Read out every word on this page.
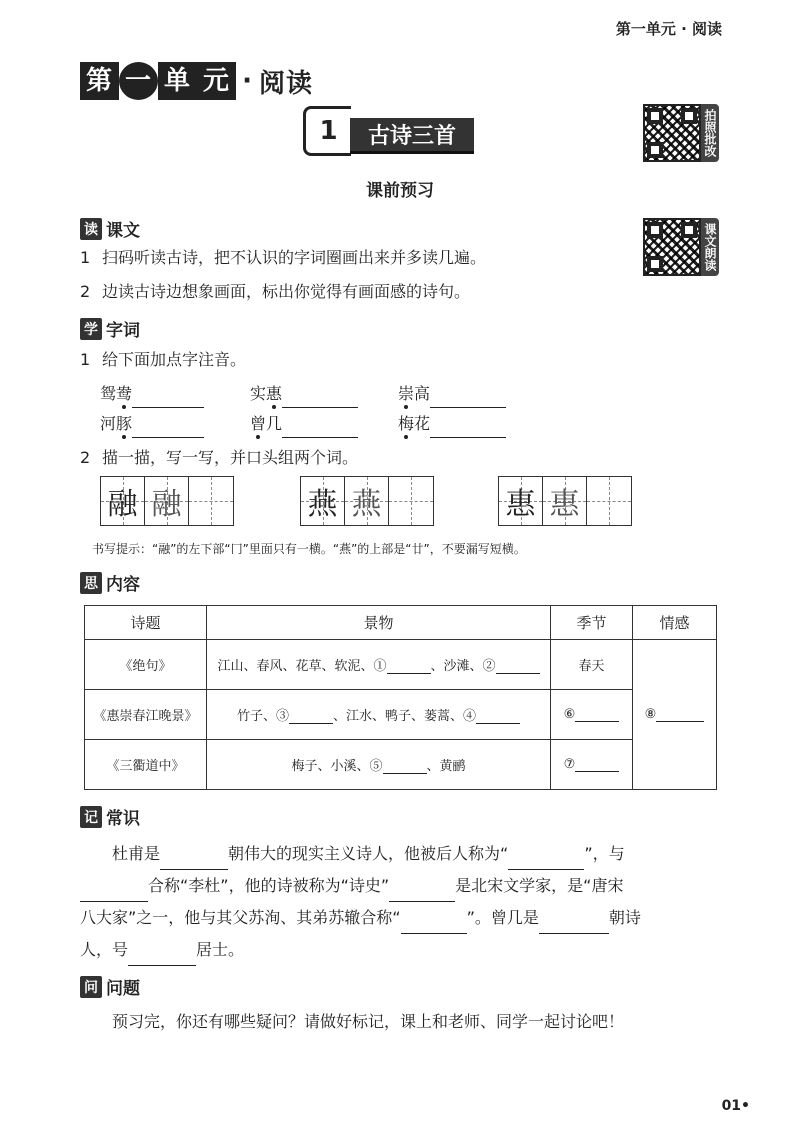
第一单元 · 阅读
第 一 单 元 · 阅读
1	古诗三首
课前预习
拍照批改
课文朗读
读 课文
1 扫码听读古诗，把不认识的字词圈画出来并多读几遍。
2 边读古诗边想象画面，标出你觉得有画面感的诗句。
学 字词
1 给下面加点字注音。
鸳鸯	实惠	崇高
河豚	曾几	梅花
2 描一描，写一写，并口头组两个词。
融 融	燕 燕	惠 惠
书写提示：“融”的左下部“冂”里面只有一横。“燕”的上部是“廿”，不要漏写短横。
思 内容
诗题	景物	季节	情感
《绝句》	江山、春风、花草、软泥、① 、沙滩、②	春天	⑧
《惠崇春江晚景》	竹子、③ 、江水、鸭子、蒌蒿、④	⑥	
《三衢道中》	梅子、小溪、⑤ 、黄鹂	⑦	
记 常识
杜甫是	朝伟大的现实主义诗人，他被后人称为“	”，与
合称“李杜”，他的诗被称为“诗史”	是北宋文学家，是“唐宋
八大家”之一，他与其父苏洵、其弟苏辙合称“	”。曾几是	朝诗
人，号	居士。
问 问题
预习完，你还有哪些疑问？请做好标记，课上和老师、同学一起讨论吧！
01•
